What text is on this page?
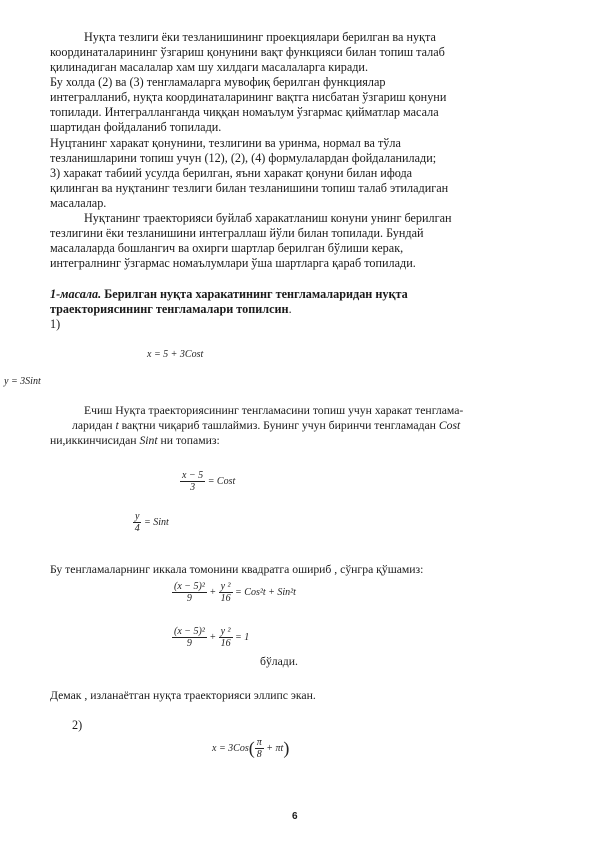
Нуқта тезлиги ёки тезланишининг проекциялари берилган ва нуқта
координаталарининг ўзгариш қонунини вақт функцияси билан топиш талаб
қилинадиган масалалар хам шу хилдаги масалаларга киради.
Бу холда (2) ва (3) тенгламаларга мувофиқ берилган функциялар
интегралланиб, нуқта координаталарининг вақтга нисбатан ўзгариш қонуни
топилади. Интегралланганда чиққан номаълум ўзгармас қийматлар масала
шартидан фойдаланиб топилади.
Нуцтанинг харакат қонунини, тезлигини ва уринма, нормал ва тўла
тезланишларини топиш учун (12), (2), (4) формулалардан фойдаланилади;
3) харакат табиий усулда берилган, яъни харакат қонуни билан ифода
қилинган ва нуқтанинг тезлиги билан тезланишини топиш талаб этиладиган
масалалар.
Нуқтанинг траекторияси буйлаб харакатланиш конуни унинг берилган
тезлигини ёки тезланишини интеграллаш йўли билан топилади. Бундай
масалаларда бошлангич ва охирги шартлар берилган бўлиши керак,
интегралнинг ўзгармас номаълумлари ўша шартларга қараб топилади.
1-масала. Берилган нуқта харакатининг тенгламаларидан нуқта
траекториясининг тенгламалари топилсин.
1)
x = 5 + 3Cost
y = 3Sint
Ечиш Нуқта траекториясининг тенгламасини топиш учун харакат тенглама-
ларидан t вақтни чиқариб ташлаймиз. Бунинг учун биринчи тенгламадан Cost
ни,иккинчисидан Sint ни топамиз:
$\frac{x - 5}{3}$ = Cost
$\frac{y}{4}$ = Sint
Бу тенгламаларнинг иккала томонини квадратга ошириб , сўнгра қўшамиз:
$\frac{\text{(x − 5)²}}{9} + \frac{\text{y ²}}{16} = Cos^2t + Sin^2t$
$\frac{\text{(x − 5)²}}{9} + \frac{\text{y ²}}{16} = 1$
бўлади.
Демак , изланаётган нуқта траекторияси эллипс экан.
2)
$x = 3Cos( \frac{\pi}{8} + \pi t)$
6
